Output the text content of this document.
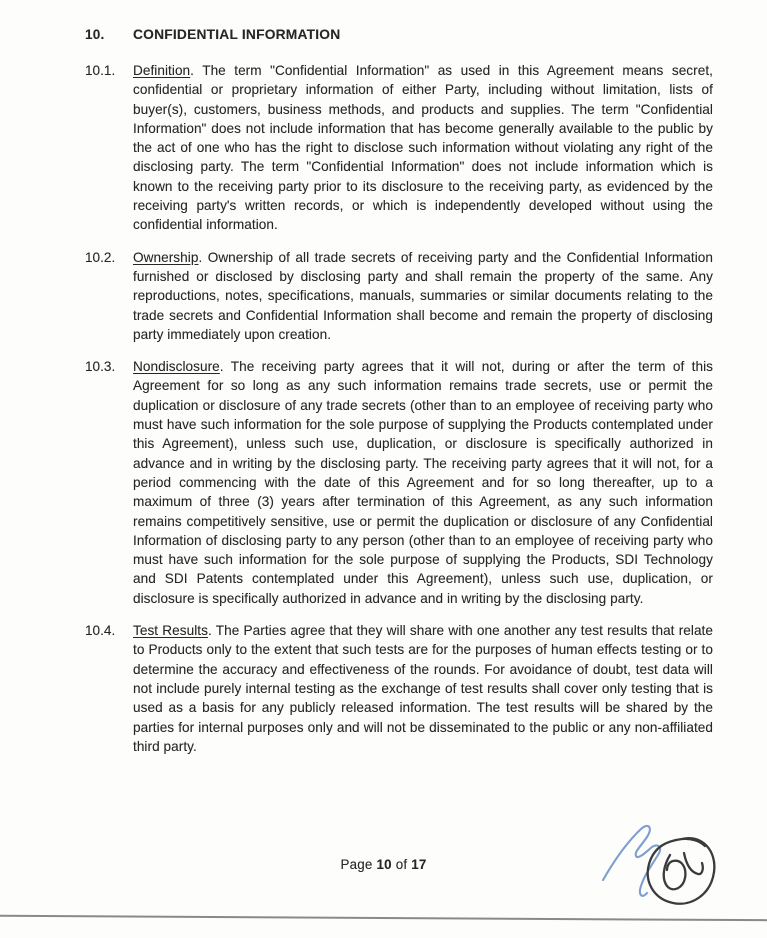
10.	CONFIDENTIAL INFORMATION
10.1.	Definition. The term "Confidential Information" as used in this Agreement means secret, confidential or proprietary information of either Party, including without limitation, lists of buyer(s), customers, business methods, and products and supplies. The term "Confidential Information" does not include information that has become generally available to the public by the act of one who has the right to disclose such information without violating any right of the disclosing party. The term "Confidential Information" does not include information which is known to the receiving party prior to its disclosure to the receiving party, as evidenced by the receiving party's written records, or which is independently developed without using the confidential information.
10.2.	Ownership. Ownership of all trade secrets of receiving party and the Confidential Information furnished or disclosed by disclosing party and shall remain the property of the same. Any reproductions, notes, specifications, manuals, summaries or similar documents relating to the trade secrets and Confidential Information shall become and remain the property of disclosing party immediately upon creation.
10.3.	Nondisclosure. The receiving party agrees that it will not, during or after the term of this Agreement for so long as any such information remains trade secrets, use or permit the duplication or disclosure of any trade secrets (other than to an employee of receiving party who must have such information for the sole purpose of supplying the Products contemplated under this Agreement), unless such use, duplication, or disclosure is specifically authorized in advance and in writing by the disclosing party. The receiving party agrees that it will not, for a period commencing with the date of this Agreement and for so long thereafter, up to a maximum of three (3) years after termination of this Agreement, as any such information remains competitively sensitive, use or permit the duplication or disclosure of any Confidential Information of disclosing party to any person (other than to an employee of receiving party who must have such information for the sole purpose of supplying the Products, SDI Technology and SDI Patents contemplated under this Agreement), unless such use, duplication, or disclosure is specifically authorized in advance and in writing by the disclosing party.
10.4.	Test Results. The Parties agree that they will share with one another any test results that relate to Products only to the extent that such tests are for the purposes of human effects testing or to determine the accuracy and effectiveness of the rounds. For avoidance of doubt, test data will not include purely internal testing as the exchange of test results shall cover only testing that is used as a basis for any publicly released information. The test results will be shared by the parties for internal purposes only and will not be disseminated to the public or any non-affiliated third party.
Page 10 of 17
